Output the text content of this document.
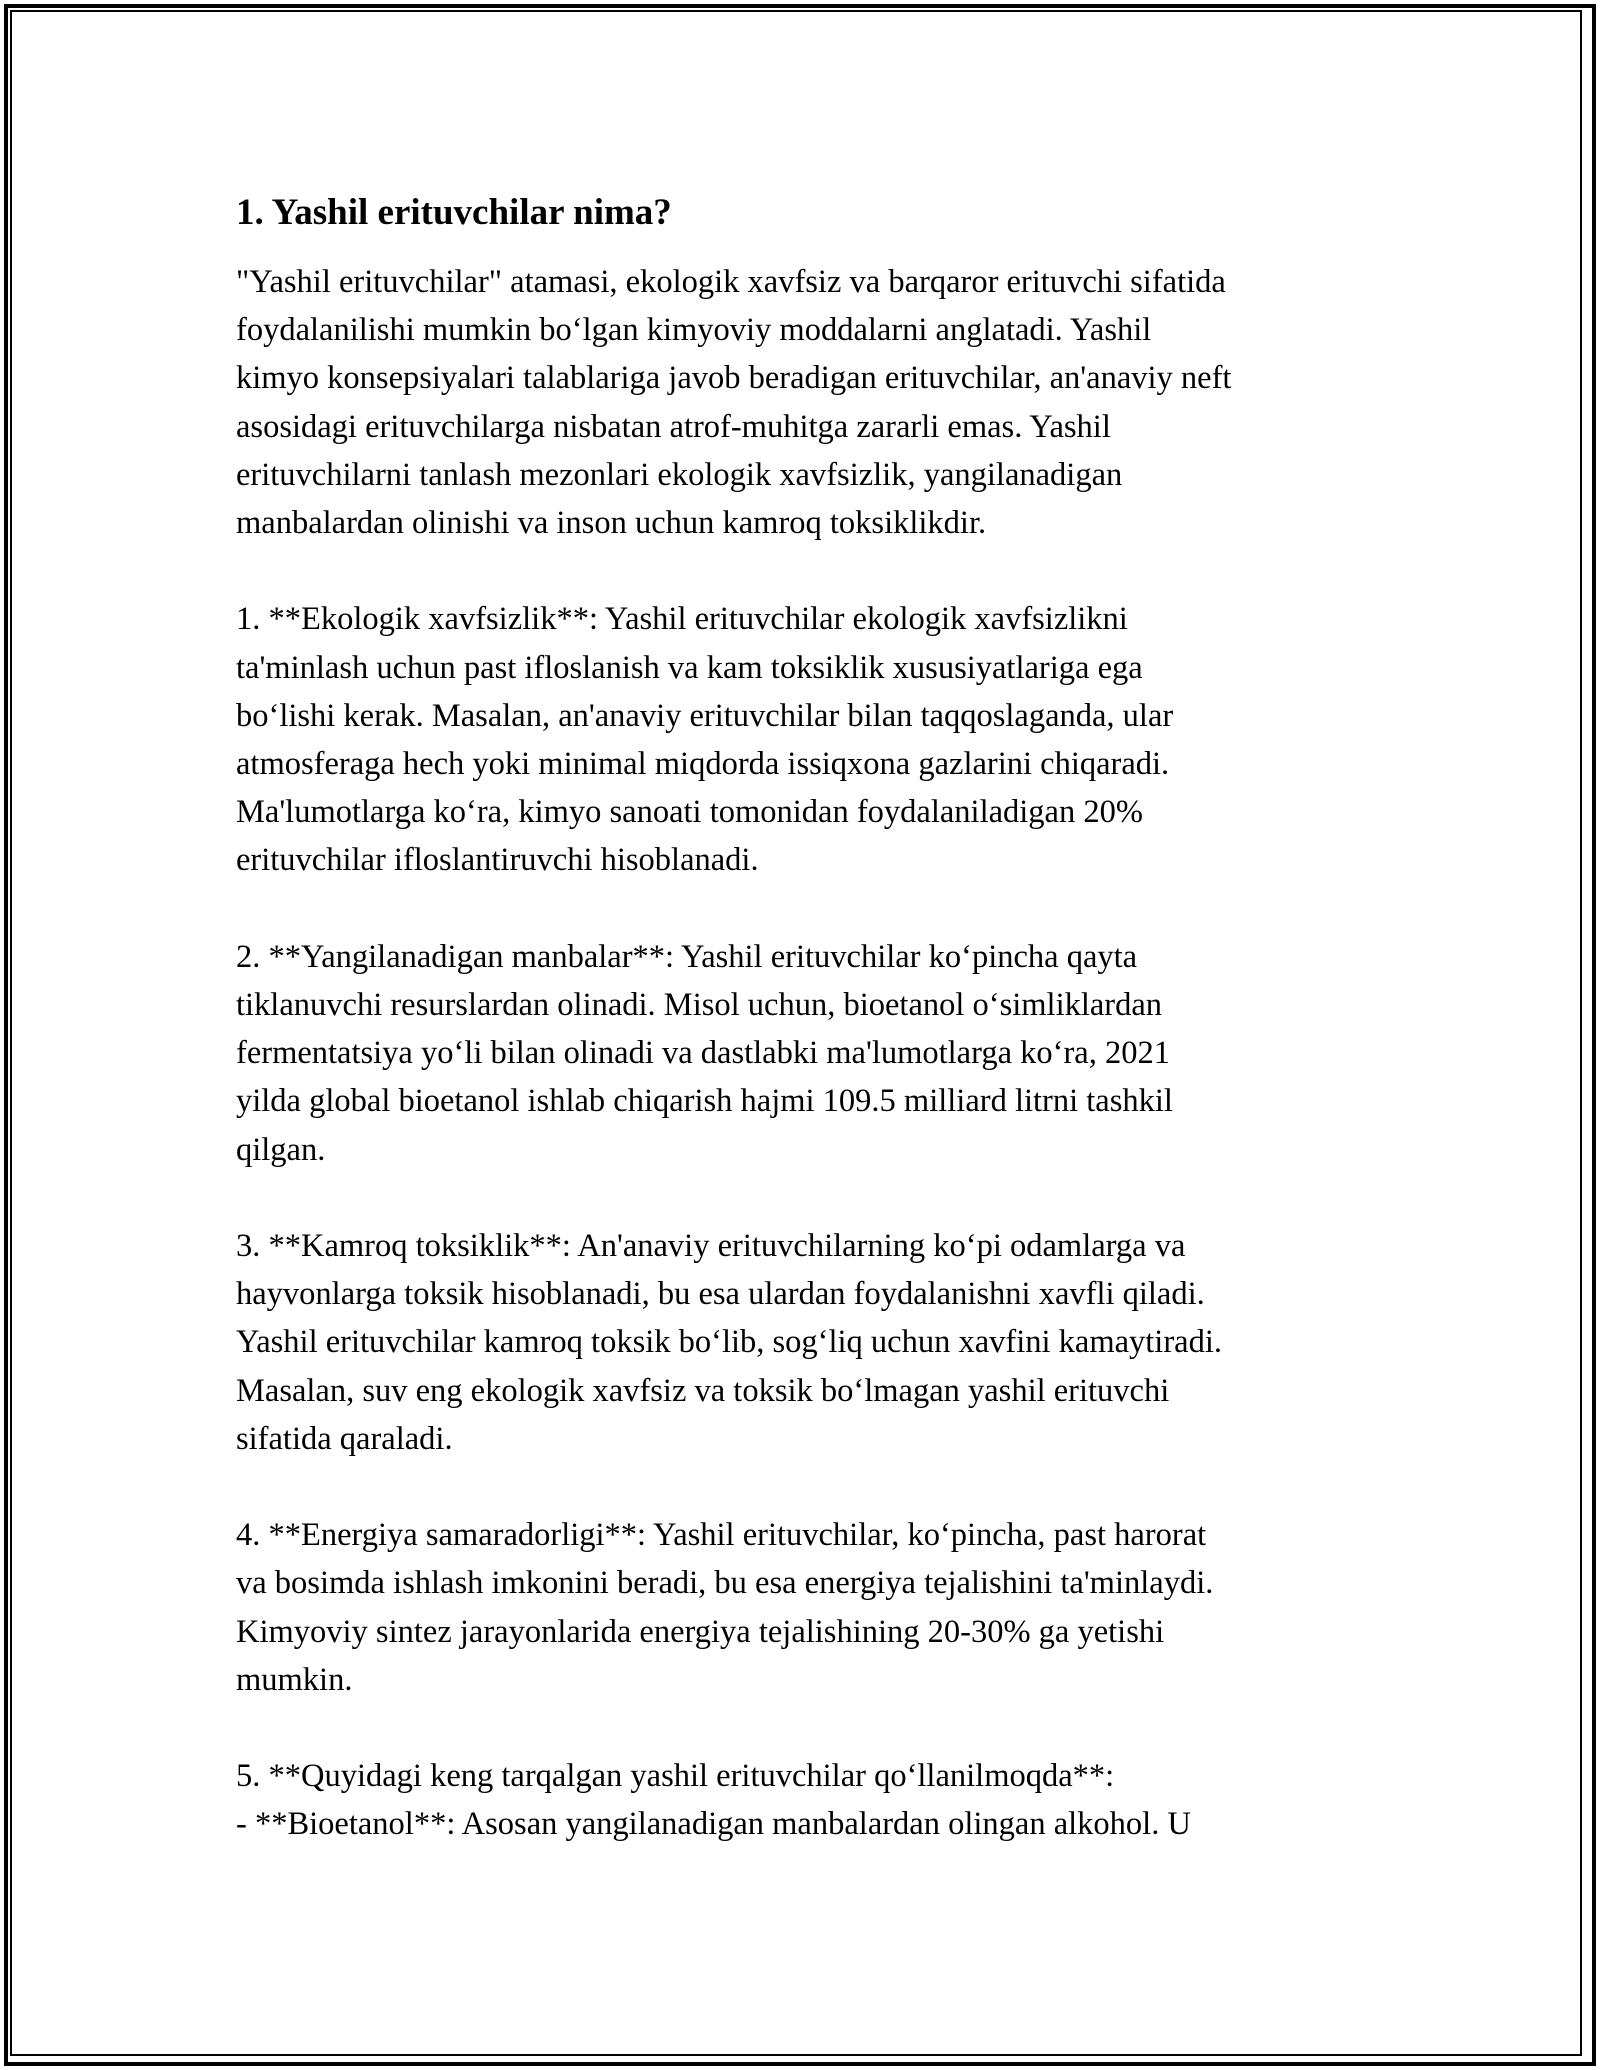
1. Yashil erituvchilar nima?

"Yashil erituvchilar" atamasi, ekologik xavfsiz va barqaror erituvchi sifatida
foydalanilishi mumkin bo‘lgan kimyoviy moddalarni anglatadi. Yashil
kimyo konsepsiyalari talablariga javob beradigan erituvchilar, an'anaviy neft
asosidagi erituvchilarga nisbatan atrof-muhitga zararli emas. Yashil
erituvchilarni tanlash mezonlari ekologik xavfsizlik, yangilanadigan
manbalardan olinishi va inson uchun kamroq toksiklikdir.

1. **Ekologik xavfsizlik**: Yashil erituvchilar ekologik xavfsizlikni
ta'minlash uchun past ifloslanish va kam toksiklik xususiyatlariga ega
bo‘lishi kerak. Masalan, an'anaviy erituvchilar bilan taqqoslaganda, ular
atmosferaga hech yoki minimal miqdorda issiqxona gazlarini chiqaradi.
Ma'lumotlarga ko‘ra, kimyo sanoati tomonidan foydalaniladigan 20%
erituvchilar ifloslantiruvchi hisoblanadi.

2. **Yangilanadigan manbalar**: Yashil erituvchilar ko‘pincha qayta
tiklanuvchi resurslardan olinadi. Misol uchun, bioetanol o‘simliklardan
fermentatsiya yo‘li bilan olinadi va dastlabki ma'lumotlarga ko‘ra, 2021
yilda global bioetanol ishlab chiqarish hajmi 109.5 milliard litrni tashkil
qilgan.

3. **Kamroq toksiklik**: An'anaviy erituvchilarning ko‘pi odamlarga va
hayvonlarga toksik hisoblanadi, bu esa ulardan foydalanishni xavfli qiladi.
Yashil erituvchilar kamroq toksik bo‘lib, sog‘liq uchun xavfini kamaytiradi.
Masalan, suv eng ekologik xavfsiz va toksik bo‘lmagan yashil erituvchi
sifatida qaraladi.

4. **Energiya samaradorligi**: Yashil erituvchilar, ko‘pincha, past harorat
va bosimda ishlash imkonini beradi, bu esa energiya tejalishini ta'minlaydi.
Kimyoviy sintez jarayonlarida energiya tejalishining 20-30% ga yetishi
mumkin.

5. **Quyidagi keng tarqalgan yashil erituvchilar qo‘llanilmoqda**:
- **Bioetanol**: Asosan yangilanadigan manbalardan olingan alkohol. U
